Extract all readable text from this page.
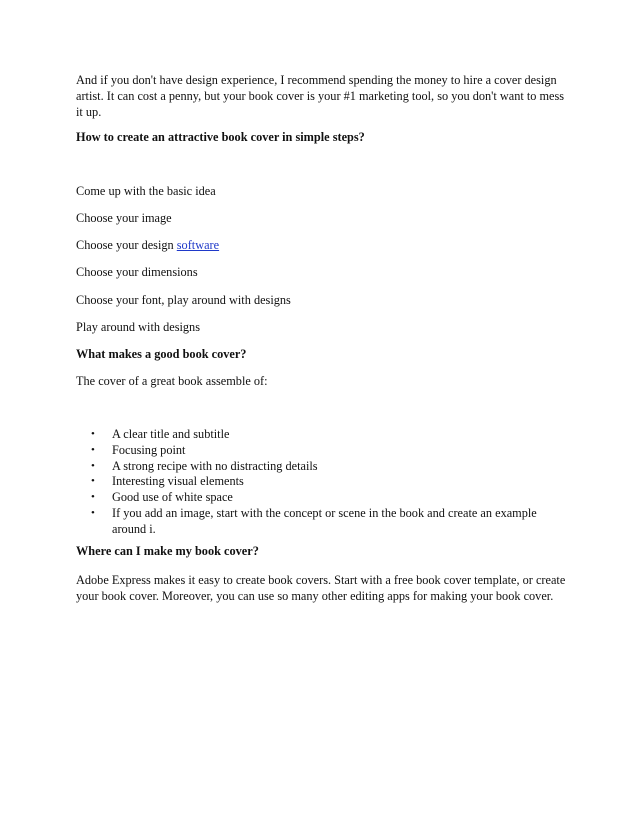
And if you don't have design experience, I recommend spending the money to hire a cover design artist. It can cost a penny, but your book cover is your #1 marketing tool, so you don't want to mess it up.

How to create an attractive book cover in simple steps?

Come up with the basic idea

Choose your image

Choose your design software

Choose your dimensions

Choose your font, play around with designs

Play around with designs

What makes a good book cover?

The cover of a great book assemble of:

• A clear title and subtitle
• Focusing point
• A strong recipe with no distracting details
• Interesting visual elements
• Good use of white space
• If you add an image, start with the concept or scene in the book and create an example around i.

Where can I make my book cover?

Adobe Express makes it easy to create book covers. Start with a free book cover template, or create your book cover. Moreover, you can use so many other editing apps for making your book cover.
